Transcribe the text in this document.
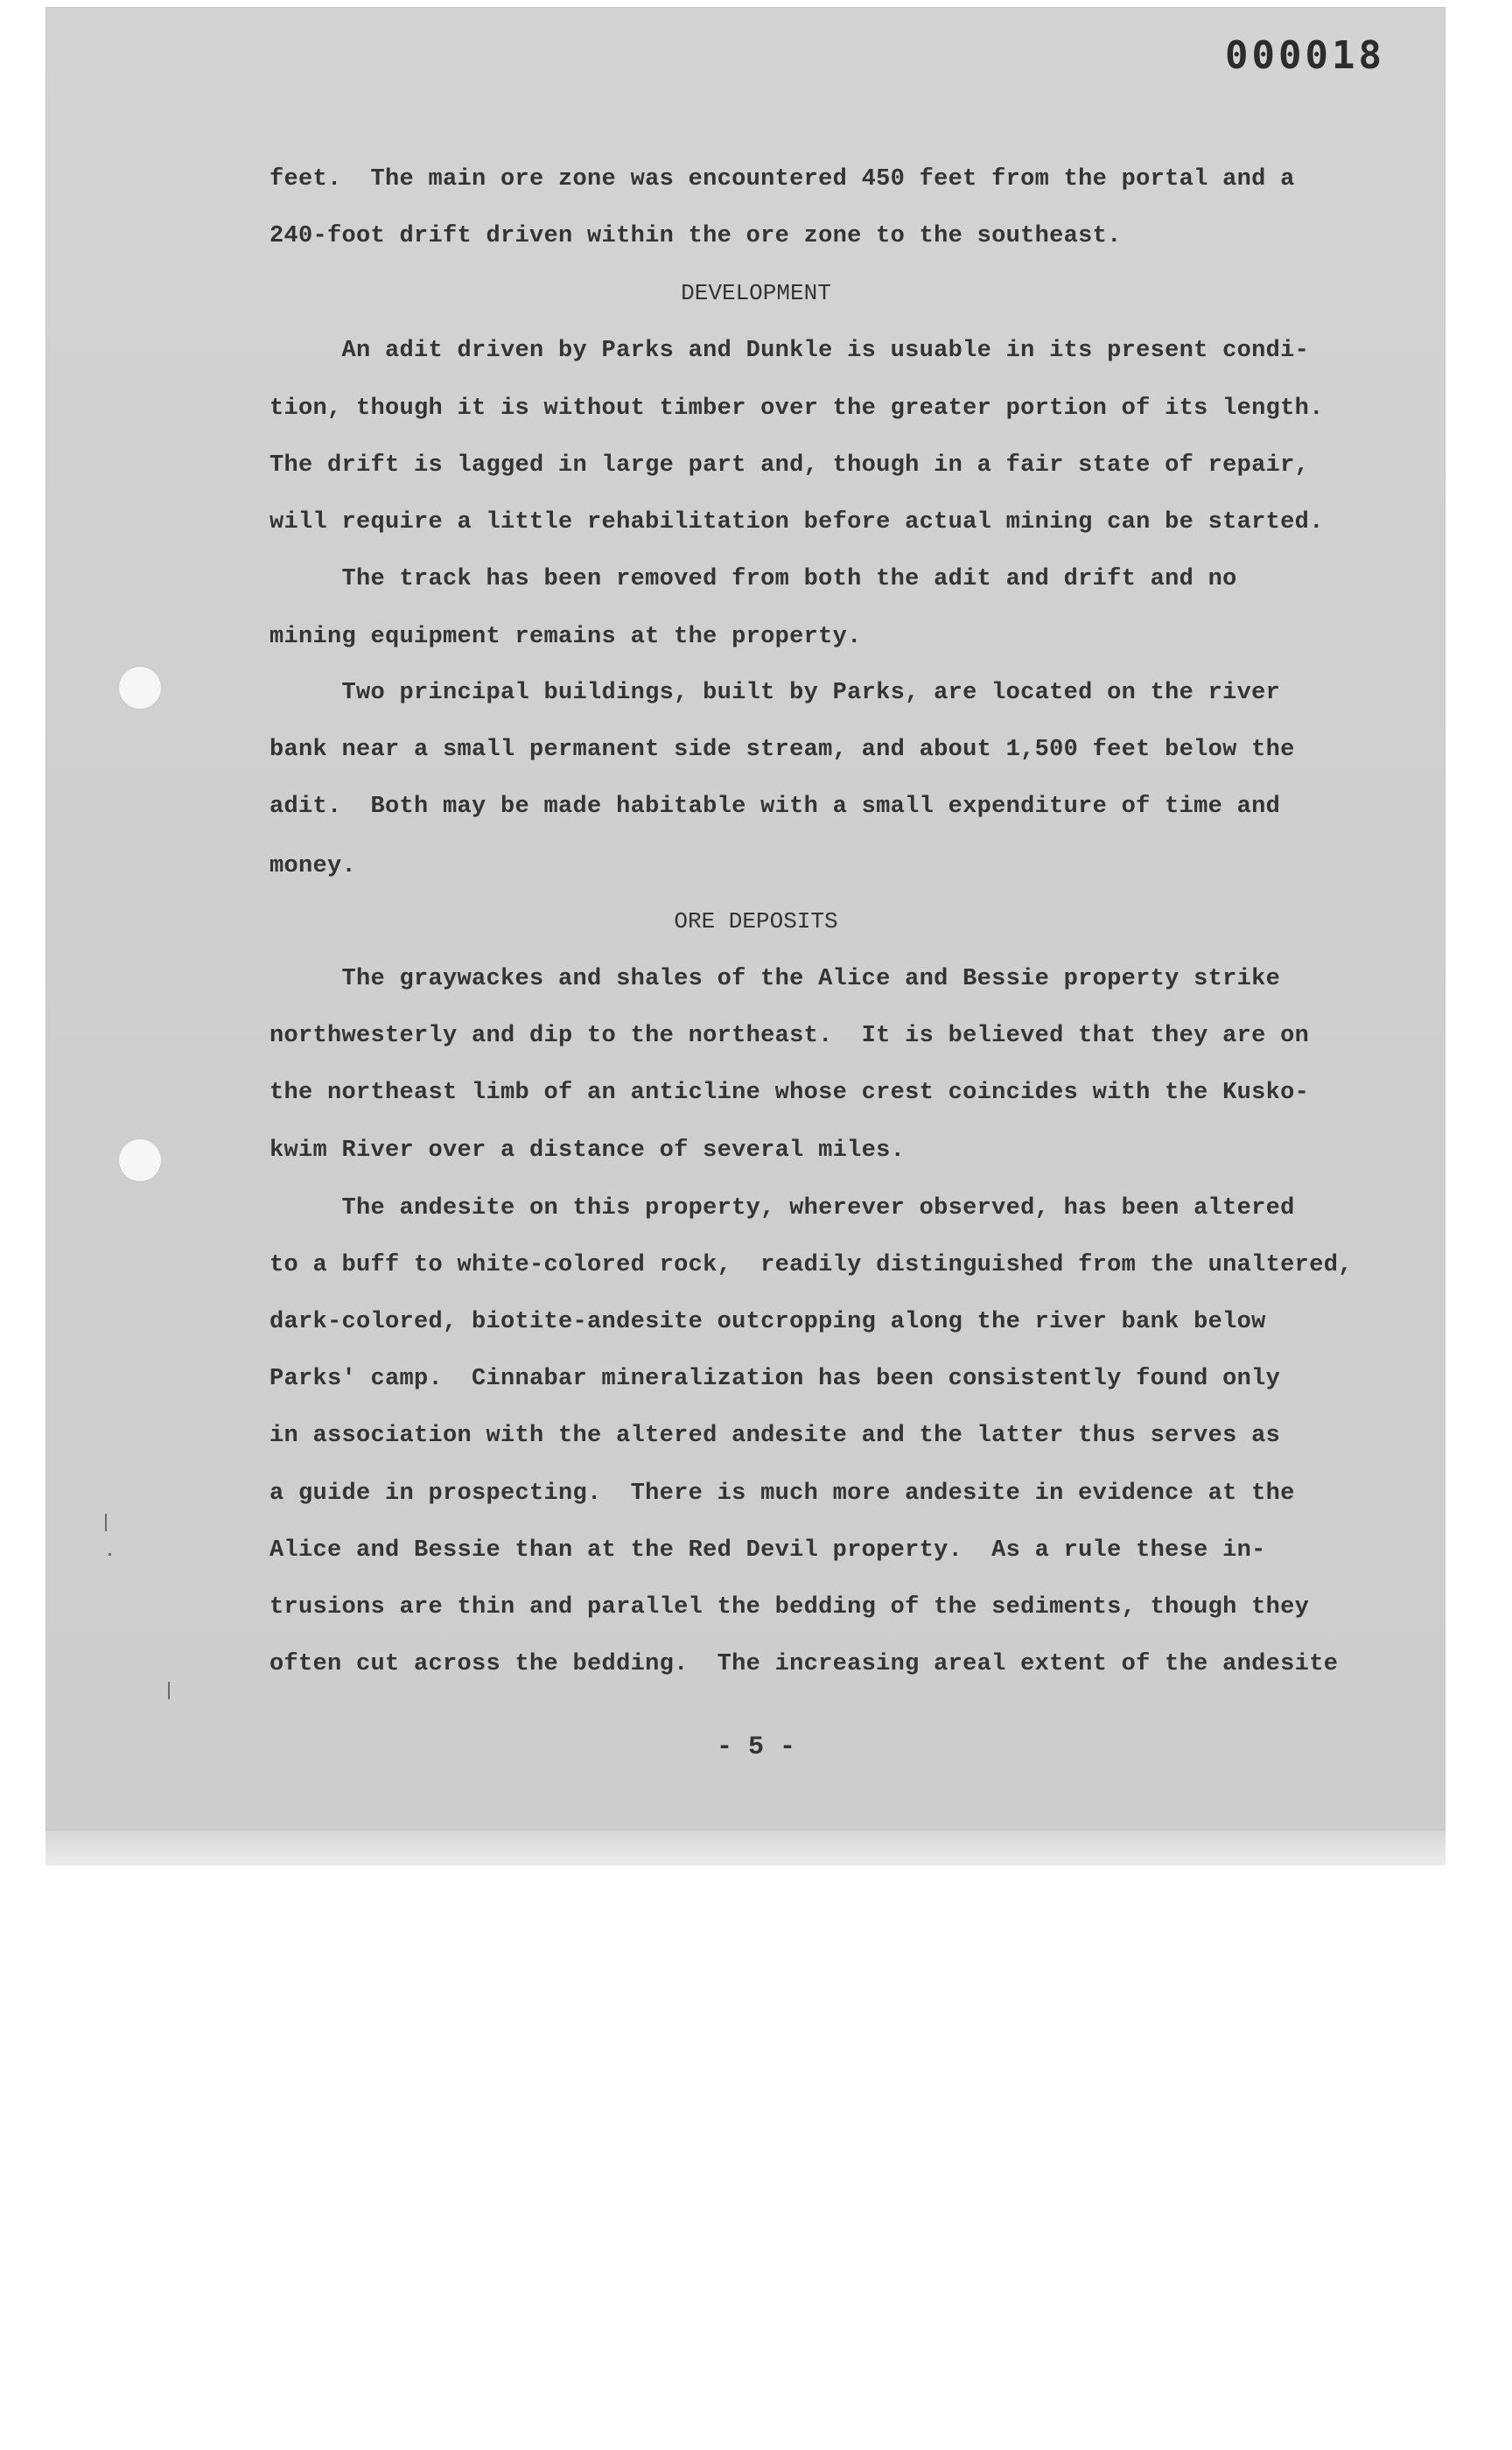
000018
feet.  The main ore zone was encountered 450 feet from the portal and a
240-foot drift driven within the ore zone to the southeast.
DEVELOPMENT
An adit driven by Parks and Dunkle is usuable in its present condi-
tion, though it is without timber over the greater portion of its length.
The drift is lagged in large part and, though in a fair state of repair,
will require a little rehabilitation before actual mining can be started.
The track has been removed from both the adit and drift and no
mining equipment remains at the property.
Two principal buildings, built by Parks, are located on the river
bank near a small permanent side stream, and about 1,500 feet below the
adit.  Both may be made habitable with a small expenditure of time and
money.
ORE DEPOSITS
The graywackes and shales of the Alice and Bessie property strike
northwesterly and dip to the northeast.  It is believed that they are on
the northeast limb of an anticline whose crest coincides with the Kusko-
kwim River over a distance of several miles.
The andesite on this property, wherever observed, has been altered
to a buff to white-colored rock,  readily distinguished from the unaltered,
dark-colored, biotite-andesite outcropping along the river bank below
Parks' camp.  Cinnabar mineralization has been consistently found only
in association with the altered andesite and the latter thus serves as
a guide in prospecting.  There is much more andesite in evidence at the
Alice and Bessie than at the Red Devil property.  As a rule these in-
trusions are thin and parallel the bedding of the sediments, though they
often cut across the bedding.  The increasing areal extent of the andesite
- 5 -
